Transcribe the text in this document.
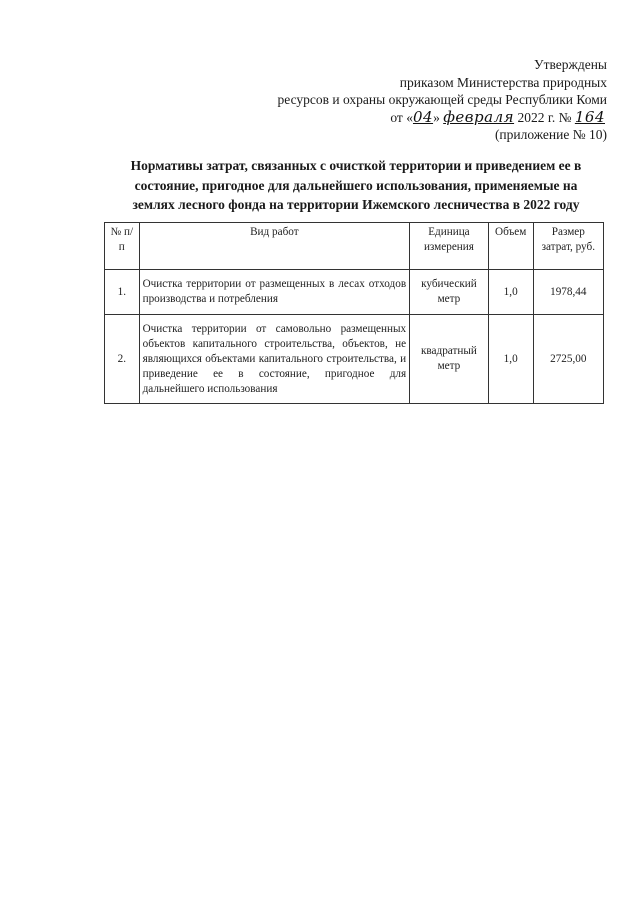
Утверждены
приказом Министерства природных
ресурсов и охраны окружающей среды Республики Коми
от «04» февраля 2022 г. № 164
(приложение № 10)
Нормативы затрат, связанных с очисткой территории и приведением ее в
состояние, пригодное для дальнейшего использования, применяемые на
землях лесного фонда на территории Ижемского лесничества в 2022 году
№ п/п	Вид работ	Единица измерения	Объем	Размер затрат, руб.
1.	Очистка территории от размещенных в лесах отходов производства и потребления	кубический метр	1,0	1978,44
2.	Очистка территории от самовольно размещенных объектов капитального строительства, объектов, не являющихся объектами капитального строительства, и приведение ее в состояние, пригодное для дальнейшего использования	квадратный метр	1,0	2725,00
